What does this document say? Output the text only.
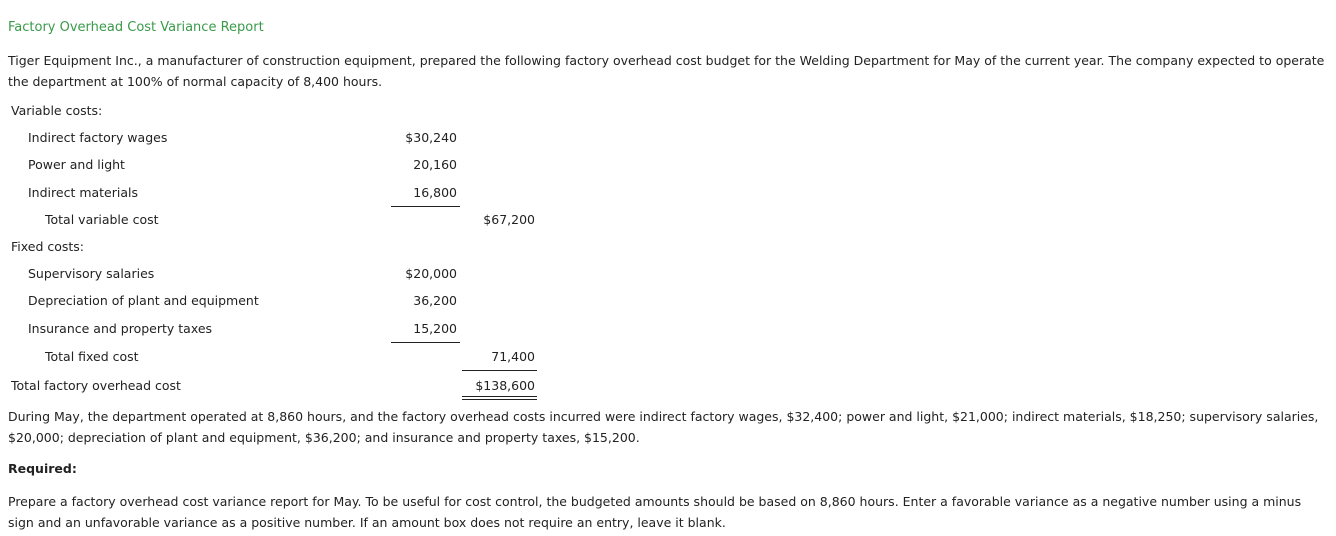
Factory Overhead Cost Variance Report
Tiger Equipment Inc., a manufacturer of construction equipment, prepared the following factory overhead cost budget for the Welding Department for May of the current year. The company expected to operate the department at 100% of normal capacity of 8,400 hours.
Variable costs:
Indirect factory wages	$30,240
Power and light	20,160
Indirect materials	16,800
Total variable cost	$67,200
Fixed costs:
Supervisory salaries	$20,000
Depreciation of plant and equipment	36,200
Insurance and property taxes	15,200
Total fixed cost	71,400
Total factory overhead cost	$138,600
During May, the department operated at 8,860 hours, and the factory overhead costs incurred were indirect factory wages, $32,400; power and light, $21,000; indirect materials, $18,250; supervisory salaries, $20,000; depreciation of plant and equipment, $36,200; and insurance and property taxes, $15,200.
Required:
Prepare a factory overhead cost variance report for May. To be useful for cost control, the budgeted amounts should be based on 8,860 hours. Enter a favorable variance as a negative number using a minus sign and an unfavorable variance as a positive number. If an amount box does not require an entry, leave it blank.
